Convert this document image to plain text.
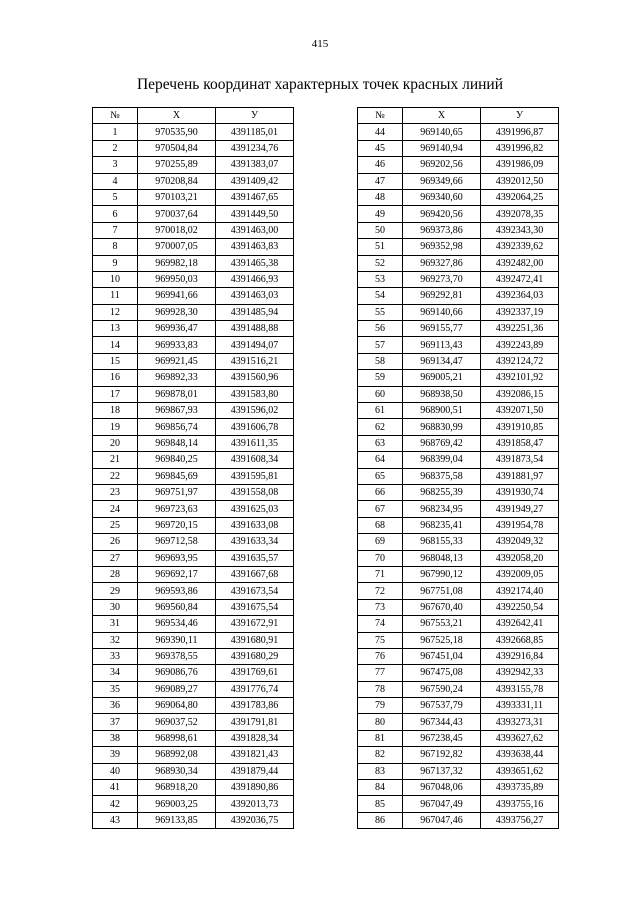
415
Перечень координат характерных точек красных линий
№	Х	У
1	970535,90	4391185,01
2	970504,84	4391234,76
3	970255,89	4391383,07
4	970208,84	4391409,42
5	970103,21	4391467,65
6	970037,64	4391449,50
7	970018,02	4391463,00
8	970007,05	4391463,83
9	969982,18	4391465,38
10	969950,03	4391466,93
11	969941,66	4391463,03
12	969928,30	4391485,94
13	969936,47	4391488,88
14	969933,83	4391494,07
15	969921,45	4391516,21
16	969892,33	4391560,96
17	969878,01	4391583,80
18	969867,93	4391596,02
19	969856,74	4391606,78
20	969848,14	4391611,35
21	969840,25	4391608,34
22	969845,69	4391595,81
23	969751,97	4391558,08
24	969723,63	4391625,03
25	969720,15	4391633,08
26	969712,58	4391633,34
27	969693,95	4391635,57
28	969692,17	4391667,68
29	969593,86	4391673,54
30	969560,84	4391675,54
31	969534,46	4391672,91
32	969390,11	4391680,91
33	969378,55	4391680,29
34	969086,76	4391769,61
35	969089,27	4391776,74
36	969064,80	4391783,86
37	969037,52	4391791,81
38	968998,61	4391828,34
39	968992,08	4391821,43
40	968930,34	4391879,44
41	968918,20	4391890,86
42	969003,25	4392013,73
43	969133,85	4392036,75
№	Х	У
44	969140,65	4391996,87
45	969140,94	4391996,82
46	969202,56	4391986,09
47	969349,66	4392012,50
48	969340,60	4392064,25
49	969420,56	4392078,35
50	969373,86	4392343,30
51	969352,98	4392339,62
52	969327,86	4392482,00
53	969273,70	4392472,41
54	969292,81	4392364,03
55	969140,66	4392337,19
56	969155,77	4392251,36
57	969113,43	4392243,89
58	969134,47	4392124,72
59	969005,21	4392101,92
60	968938,50	4392086,15
61	968900,51	4392071,50
62	968830,99	4391910,85
63	968769,42	4391858,47
64	968399,04	4391873,54
65	968375,58	4391881,97
66	968255,39	4391930,74
67	968234,95	4391949,27
68	968235,41	4391954,78
69	968155,33	4392049,32
70	968048,13	4392058,20
71	967990,12	4392009,05
72	967751,08	4392174,40
73	967670,40	4392250,54
74	967553,21	4392642,41
75	967525,18	4392668,85
76	967451,04	4392916,84
77	967475,08	4392942,33
78	967590,24	4393155,78
79	967537,79	4393331,11
80	967344,43	4393273,31
81	967238,45	4393627,62
82	967192,82	4393638,44
83	967137,32	4393651,62
84	967048,06	4393735,89
85	967047,49	4393755,16
86	967047,46	4393756,27
